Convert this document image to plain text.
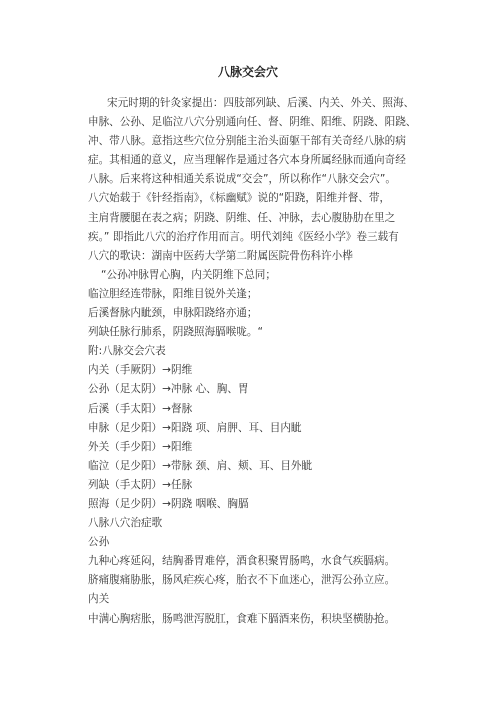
八脉交会穴
宋元时期的针灸家提出：四肢部列缺、后溪、内关、外关、照海、
申脉、公孙、足临泣八穴分别通向任、督、阴维、阳维、阴跷、阳跷、
冲、带八脉。意指这些穴位分别能主治头面躯干部有关奇经八脉的病
症。其相通的意义，应当理解作是通过各穴本身所属经脉而通向奇经
八脉。后来将这种相通关系说成“交会”，所以称作“八脉交会穴”。
八穴始载于《针经指南》，《标幽赋》说的“阳跷，阳维并督、带，
主肩背腰腿在表之病；阴跷、阴维、任、冲脉，去心腹胁肋在里之
疾。” 即指此八穴的治疗作用而言。明代刘纯《医经小学》卷三载有
八穴的歌诀：湖南中医药大学第二附属医院骨伤科许小桦
“公孙冲脉胃心胸，内关阴维下总同；
临泣胆经连带脉，阳维目锐外关逢；
后溪督脉内眦颈，申脉阳跷络亦通；
列缺任脉行肺系，阴跷照海膈喉咙。“
附:八脉交会穴表
内关（手厥阴）→阴维
公孙（足太阴）→冲脉 心、胸、胃
后溪（手太阳）→督脉
申脉（足少阳）→阳跷 项、肩胛、耳、目内眦
外关（手少阳）→阳维
临泣（足少阳）→带脉 颈、肩、颊、耳、目外眦
列缺（手太阴）→任脉
照海（足少阴）→阴跷 咽喉、胸膈
八脉八穴治症歌
公孙
九种心疼延闷，结胸番胃难停，酒食积聚胃肠鸣，水食气疾膈病。
脐痛腹痛胁胀，肠风疟疾心疼，胎衣不下血迷心，泄泻公孙立应。
内关
中满心胸痞胀，肠鸣泄泻脱肛，食难下膈酒来伤，积块坚横胁抢。
